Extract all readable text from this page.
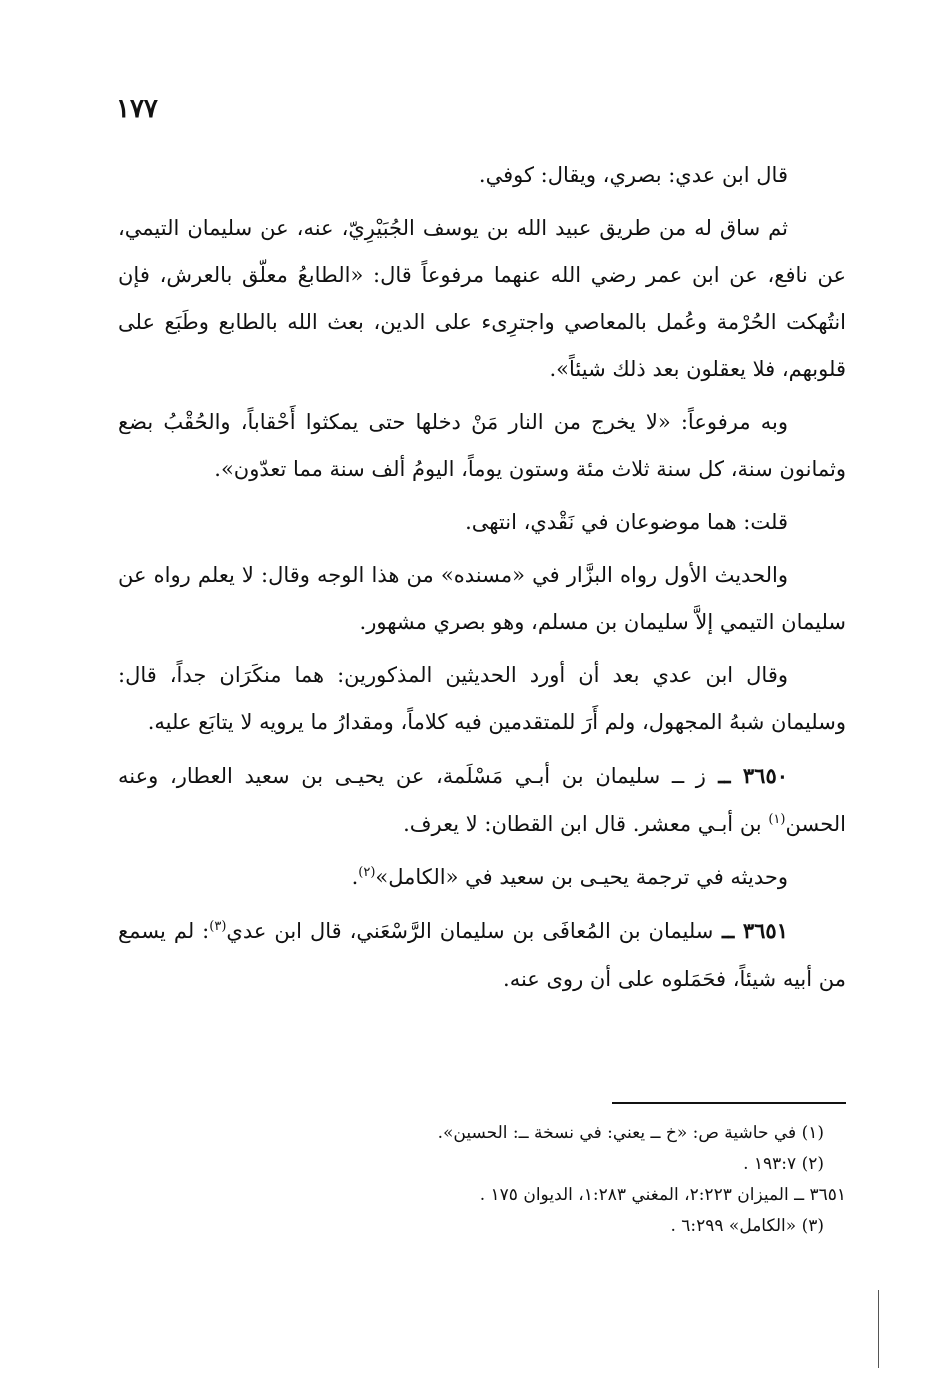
١٧٧

قال ابن عدي: بصري، ويقال: كوفي.

ثم ساق له من طريق عبيد الله بن يوسف الجُبَيْرِيّ، عنه، عن سليمان التيمي، عن نافع، عن ابن عمر رضي الله عنهما مرفوعاً قال: «الطابعُ معلّق بالعرش، فإن انتُهكت الحُرْمة وعُمل بالمعاصي واجترِىء على الدين، بعث الله بالطابع وطَبَع على قلوبهم، فلا يعقلون بعد ذلك شيئاً».

وبه مرفوعاً: «لا يخرج من النار مَنْ دخلها حتى يمكثوا أَحْقاباً، والحُقْبُ بضع وثمانون سنة، كل سنة ثلاث مئة وستون يوماً، اليومُ ألف سنة مما تعدّون».

قلت: هما موضوعان في نَقْدي، انتهى.

والحديث الأول رواه البزَّار في «مسنده» من هذا الوجه وقال: لا يعلم رواه عن سليمان التيمي إلاَّ سليمان بن مسلم، وهو بصري مشهور.

وقال ابن عدي بعد أن أورد الحديثين المذكورين: هما منكَرَان جداً، قال: وسليمان شبهُ المجهول، ولم أَرَ للمتقدمين فيه كلاماً، ومقدارُ ما يرويه لا يتابَع عليه.

٣٦٥٠ ــ ز ــ سليمان بن أبـي مَسْلَمة، عن يحيـى بن سعيد العطار، وعنه الحسن$^{(١)}$ بن أبـي معشر. قال ابن القطان: لا يعرف.

وحديثه في ترجمة يحيـى بن سعيد في «الكامل»$^{(٢)}$.

٣٦٥١ ــ سليمان بن المُعافَى بن سليمان الرَّسْعَني، قال ابن عدي$^{(٣)}$: لم يسمع من أبيه شيئاً، فحَمَلوه على أن روى عنه.

(١) في حاشية ص: «خ ــ يعني: في نسخة ــ: الحسين».

(٢) ١٩٣:٧ .

٣٦٥١ ــ الميزان ٢:٢٢٣، المغني ١:٢٨٣، الديوان ١٧٥ .

(٣) «الكامل» ٦:٢٩٩ .
